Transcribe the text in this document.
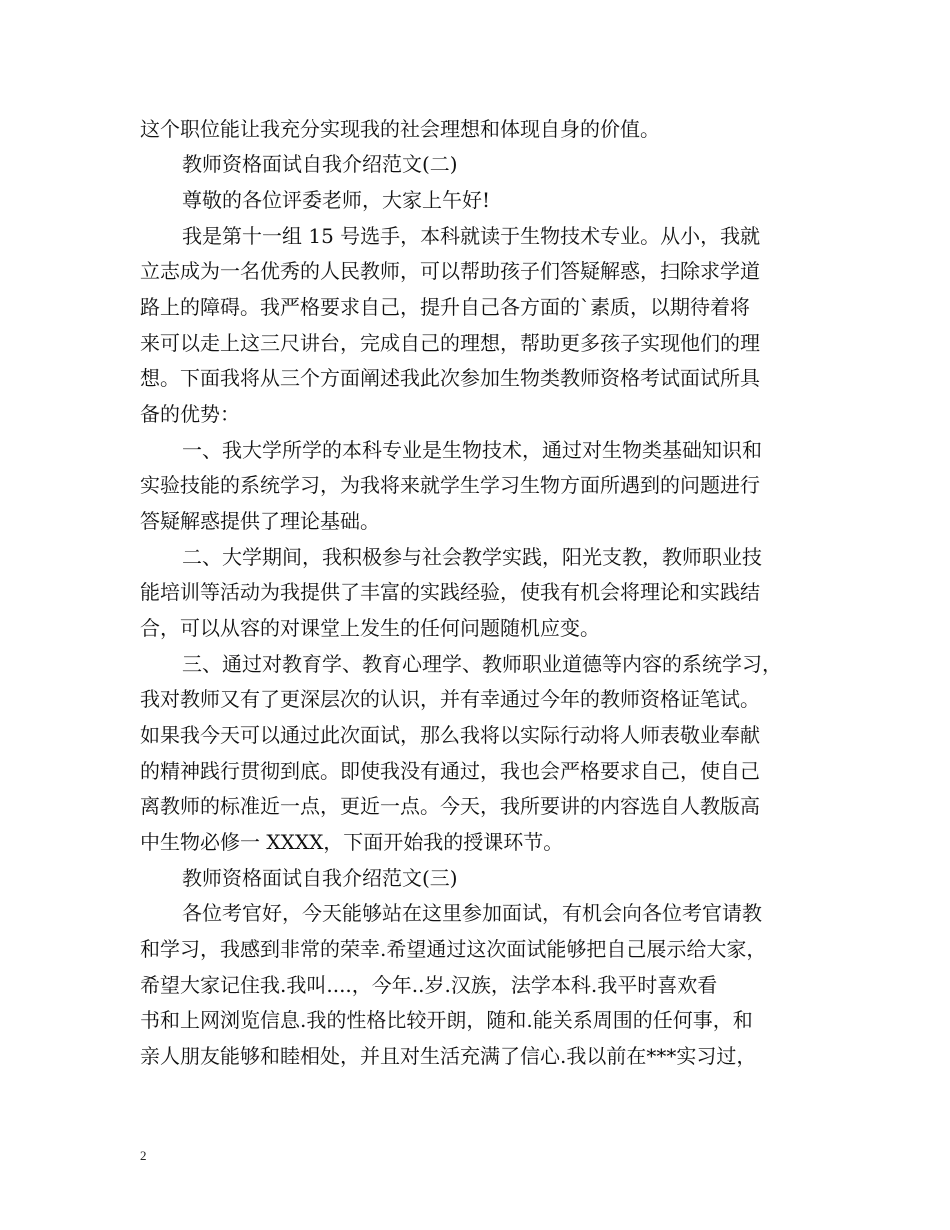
这个职位能让我充分实现我的社会理想和体现自身的价值。
教师资格面试自我介绍范文(二)
尊敬的各位评委老师，大家上午好!
我是第十一组 15 号选手，本科就读于生物技术专业。从小，我就
立志成为一名优秀的人民教师，可以帮助孩子们答疑解惑，扫除求学道
路上的障碍。我严格要求自己，提升自己各方面的`素质，以期待着将
来可以走上这三尺讲台，完成自己的理想，帮助更多孩子实现他们的理
想。下面我将从三个方面阐述我此次参加生物类教师资格考试面试所具
备的优势：
一、我大学所学的本科专业是生物技术，通过对生物类基础知识和
实验技能的系统学习，为我将来就学生学习生物方面所遇到的问题进行
答疑解惑提供了理论基础。
二、大学期间，我积极参与社会教学实践，阳光支教，教师职业技
能培训等活动为我提供了丰富的实践经验，使我有机会将理论和实践结
合，可以从容的对课堂上发生的任何问题随机应变。
三、通过对教育学、教育心理学、教师职业道德等内容的系统学习，
我对教师又有了更深层次的认识，并有幸通过今年的教师资格证笔试。
如果我今天可以通过此次面试，那么我将以实际行动将人师表敬业奉献
的精神践行贯彻到底。即使我没有通过，我也会严格要求自己，使自己
离教师的标准近一点，更近一点。今天，我所要讲的内容选自人教版高
中生物必修一 XXXX，下面开始我的授课环节。
教师资格面试自我介绍范文(三)
各位考官好，今天能够站在这里参加面试，有机会向各位考官请教
和学习，我感到非常的荣幸.希望通过这次面试能够把自己展示给大家，
希望大家记住我.我叫....，今年..岁.汉族，法学本科.我平时喜欢看
书和上网浏览信息.我的性格比较开朗，随和.能关系周围的任何事，和
亲人朋友能够和睦相处，并且对生活充满了信心.我以前在***实习过，
2
